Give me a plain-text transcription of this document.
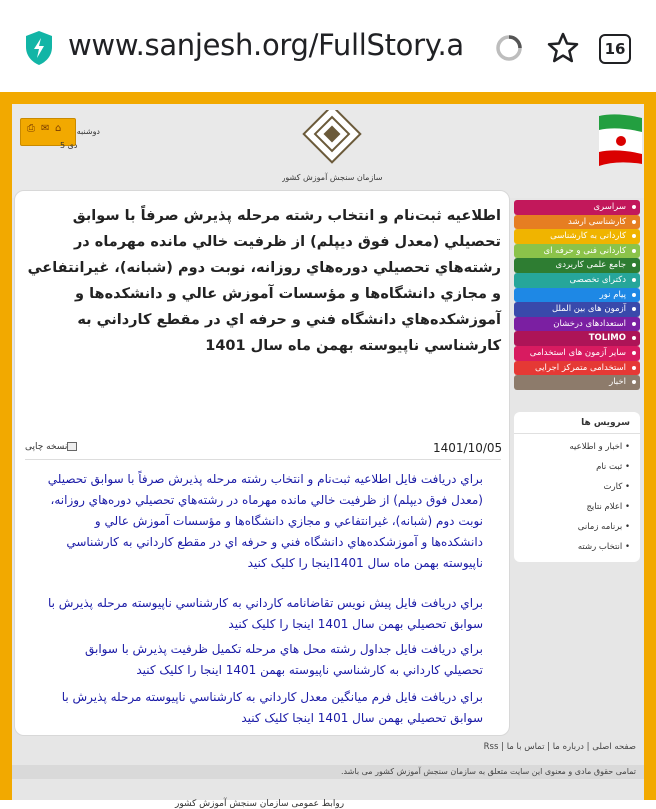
www.sanjesh.org/FullStory.a	16
⎙ ✉ ⌂	دوشنبه
5 دی
سازمان سنجش آموزش کشور
اطلاعيه ثبت‌نام و انتخاب رشته مرحله پذيرش صرفاً با سوابق تحصيلي (معدل فوق ديپلم) از ظرفيت خالي مانده مهرماه در رشته‌هاي تحصيلي دوره‌هاي روزانه، نوبت دوم (شبانه)، غيرانتفاعي و مجازي دانشگاه‌ها و مؤسسات آموزش عالي و دانشکده‌ها و آموزشکده‌هاي دانشگاه فني و حرفه اي در مقطع کارداني به کارشناسي ناپيوسته بهمن ماه سال 1401
1401/10/05
نسخه چاپی
براي دريافت فايل اطلاعيه ثبت‌نام و انتخاب رشته مرحله پذيرش صرفاً با سوابق تحصيلي (معدل فوق ديپلم) از ظرفيت خالي مانده مهرماه در رشته‌هاي تحصيلي دوره‌هاي روزانه، نوبت دوم (شبانه)، غيرانتفاعي و مجازي دانشگاه‌ها و مؤسسات آموزش عالي و دانشکده‌ها و آموزشکده‌هاي دانشگاه فني و حرفه اي در مقطع کارداني به کارشناسي ناپيوسته بهمن ماه سال 1401اينجا را کليک کنيد
براي دريافت فايل پيش نويس تقاضانامه کارداني به کارشناسي ناپيوسته مرحله پذيرش با سوابق تحصيلي بهمن سال 1401 اينجا را کليک کنيد
براي دريافت فايل جداول رشته محل هاي مرحله تکميل ظرفيت پذيرش با سوابق تحصيلي کارداني به کارشناسي ناپيوسته بهمن 1401 اينجا را کليک کنيد
براي دريافت فايل فرم ميانگين معدل کارداني به کارشناسي ناپيوسته مرحله پذيرش با سوابق تحصيلي بهمن سال 1401 اينجا کليک کنيد
روابط عمومی سازمان سنجش آموزش کشور
سراسری
کارشناسی ارشد
کاردانی به کارشناسی
کاردانی فنی و حرفه ای
جامع علمی کاربردی
دکترای تخصصی
پیام نور
آزمون های بین الملل
استعدادهای درخشان
TOLIMO
سایر آزمون های استخدامی
استخدامی متمرکز اجرایی
اخبار
سرویس ها
• اخبار و اطلاعیه
• ثبت نام
• کارت
• اعلام نتایج
• برنامه زمانی
• انتخاب رشته
صفحه اصلی | درباره ما | تماس با ما | Rss
تمامی حقوق مادی و معنوی این سایت متعلق به سازمان سنجش آموزش کشور می باشد.
